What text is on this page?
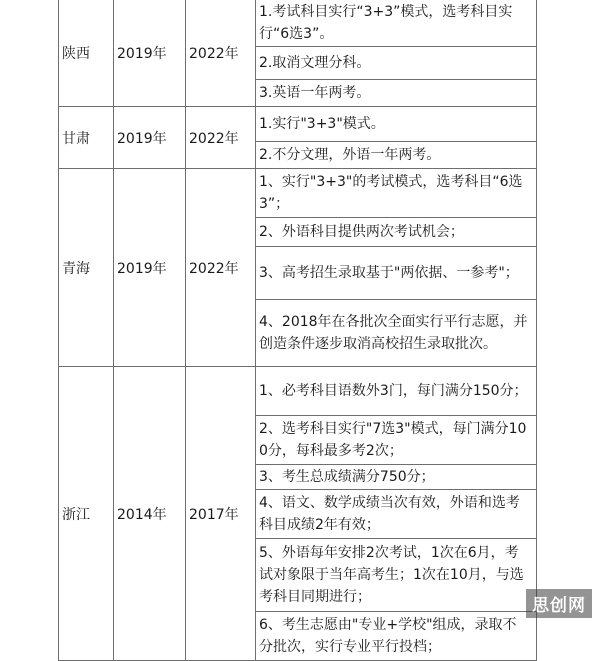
陕西	2019年	2022年	1.考试科目实行“3+3”模式，选考科目实行“6选3”。

			2.取消文理分科。

			3.英语一年两考。

甘肃	2019年	2022年	1.实行"3+3"模式。

			2.不分文理，外语一年两考。

青海	2019年	2022年	1、实行"3+3"的考试模式，选考科目“6选3”；

			2、外语科目提供两次考试机会；

			3、高考招生录取基于"两依据、一参考"；

			4、2018年在各批次全面实行平行志愿，并创造条件逐步取消高校招生录取批次。

浙江	2014年	2017年	1、必考科目语数外3门，每门满分150分；

			2、选考科目实行"7选3"模式，每门满分100分，每科最多考2次；

			3、考生总成绩满分750分；

			4、语文、数学成绩当次有效，外语和选考科目成绩2年有效；

			5、外语每年安排2次考试，1次在6月，考试对象限于当年高考生；1次在10月，与选考科目同期进行；

			6、考生志愿由"专业+学校"组成，录取不分批次，实行专业平行投档；
思创网
